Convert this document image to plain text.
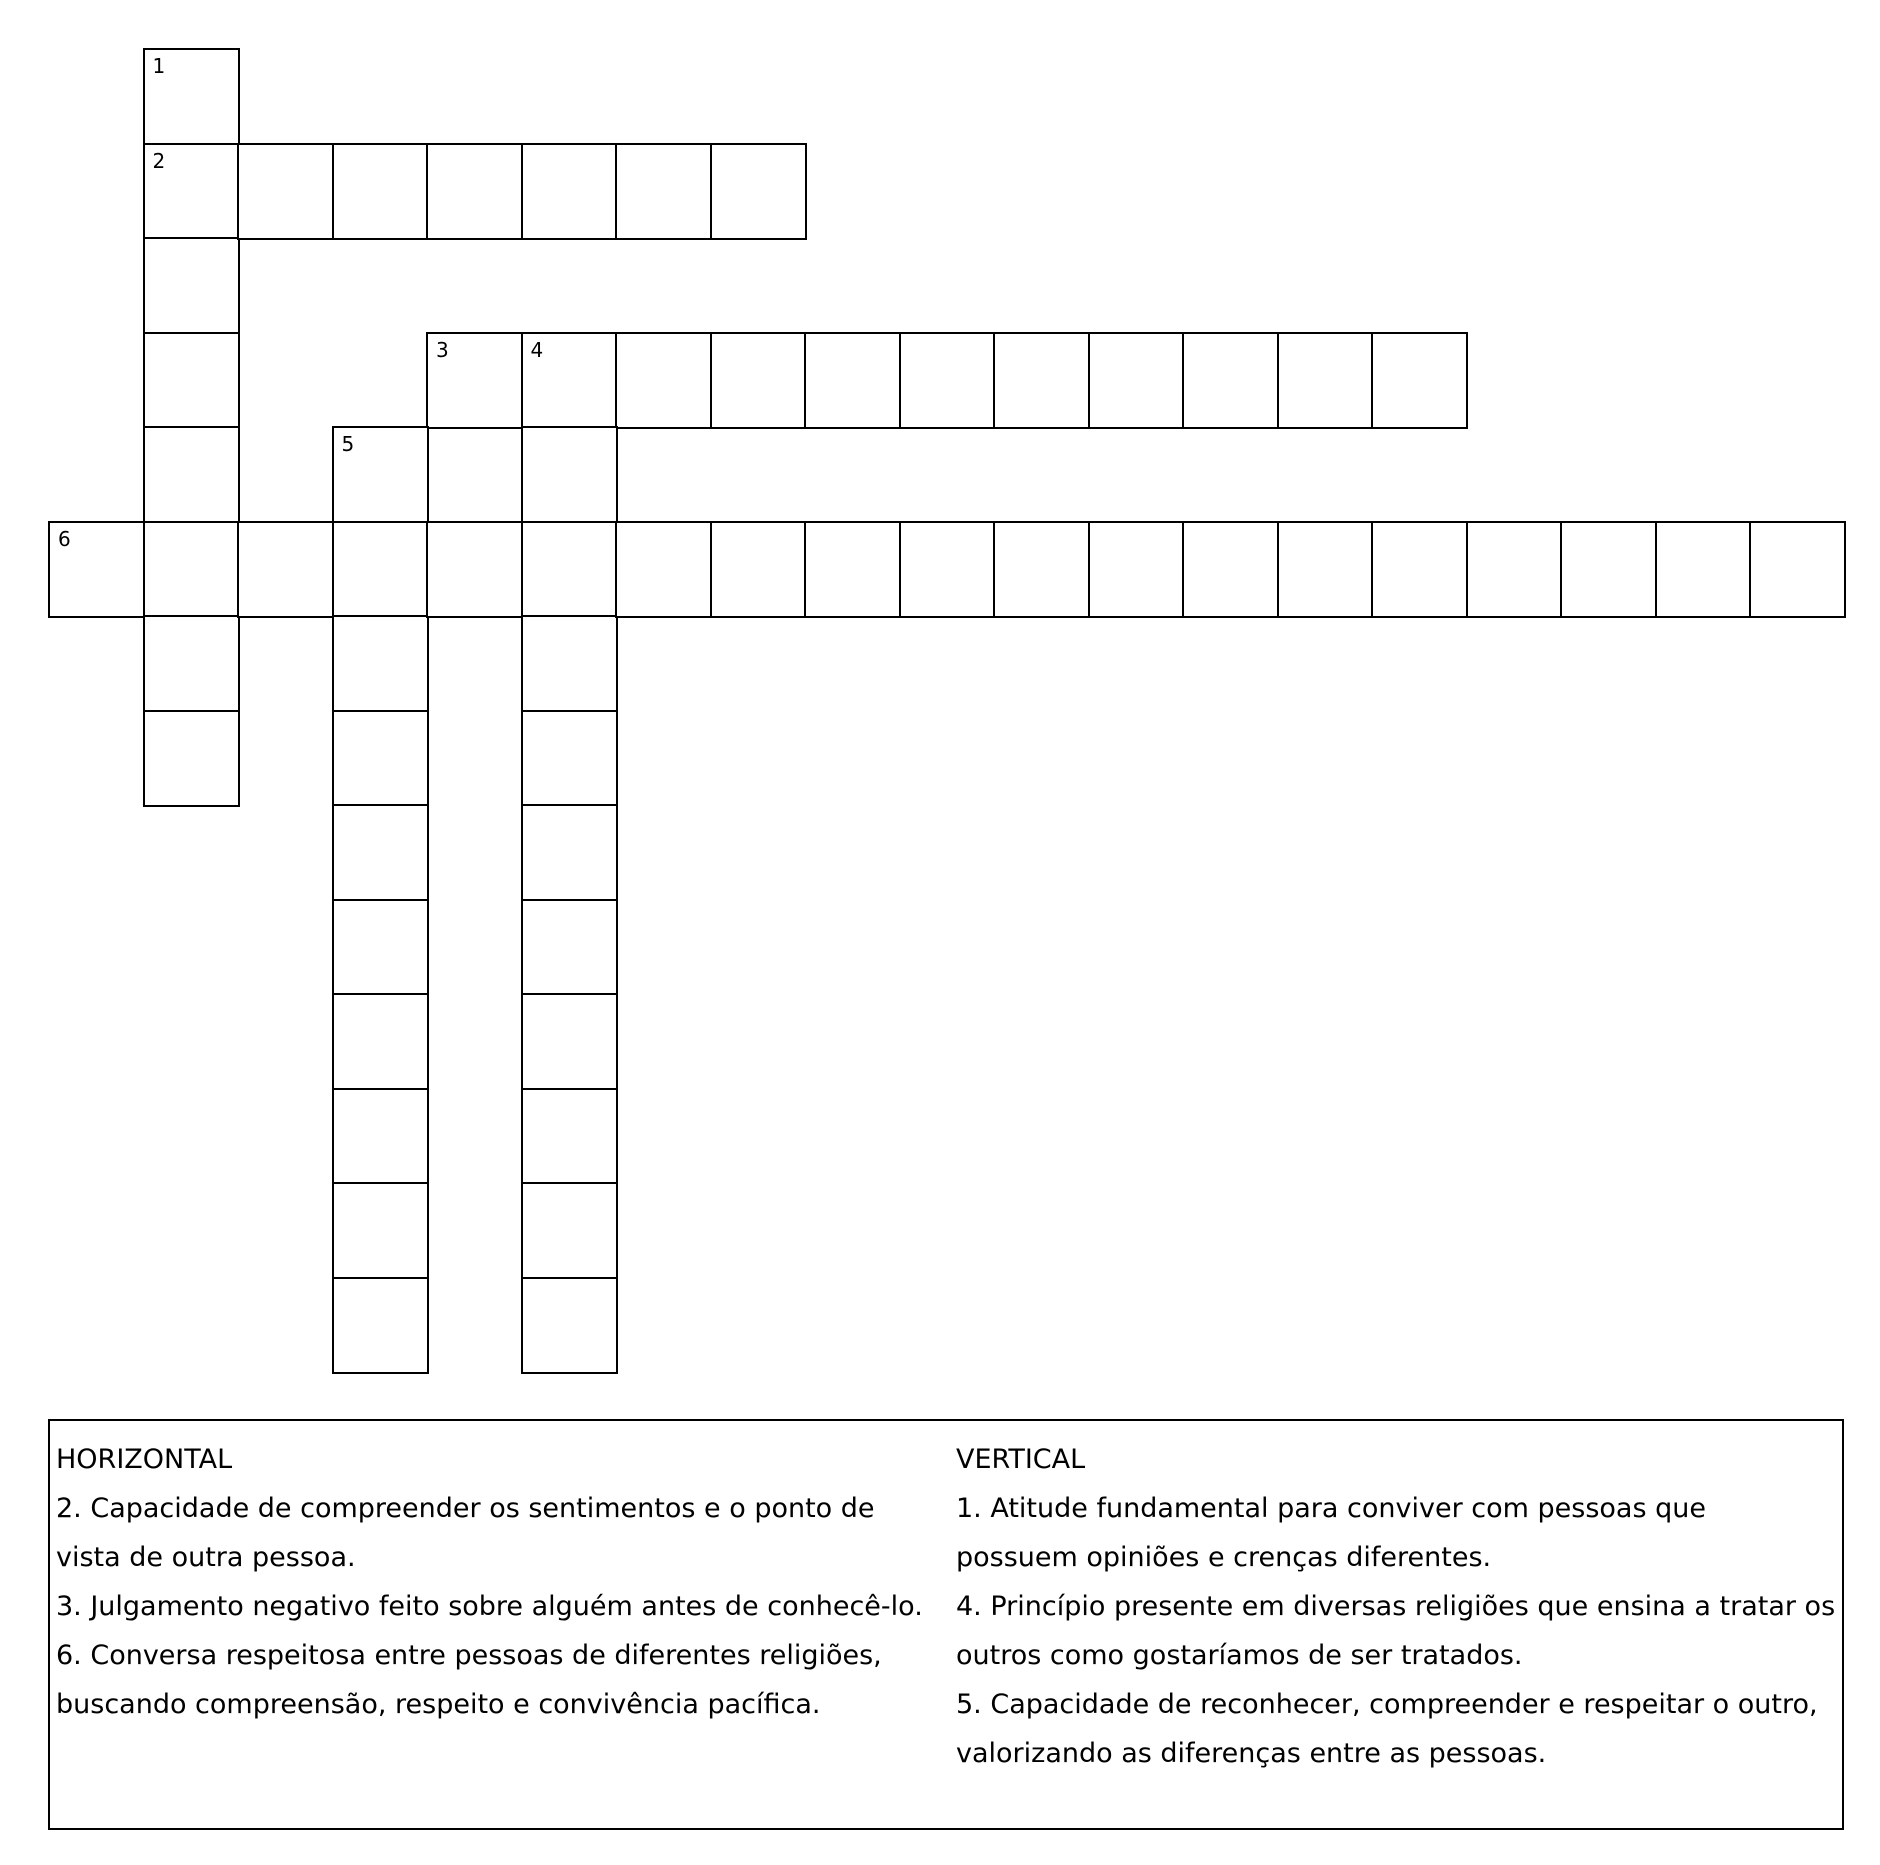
1
2
3	4
5
6
HORIZONTAL
2. Capacidade de compreender os sentimentos e o ponto de vista de outra pessoa.
3. Julgamento negativo feito sobre alguém antes de conhecê-lo.
6. Conversa respeitosa entre pessoas de diferentes religiões, buscando compreensão, respeito e convivência pacífica.
VERTICAL
1. Atitude fundamental para conviver com pessoas que possuem opiniões e crenças diferentes.
4. Princípio presente em diversas religiões que ensina a tratar os outros como gostaríamos de ser tratados.
5. Capacidade de reconhecer, compreender e respeitar o outro, valorizando as diferenças entre as pessoas.
